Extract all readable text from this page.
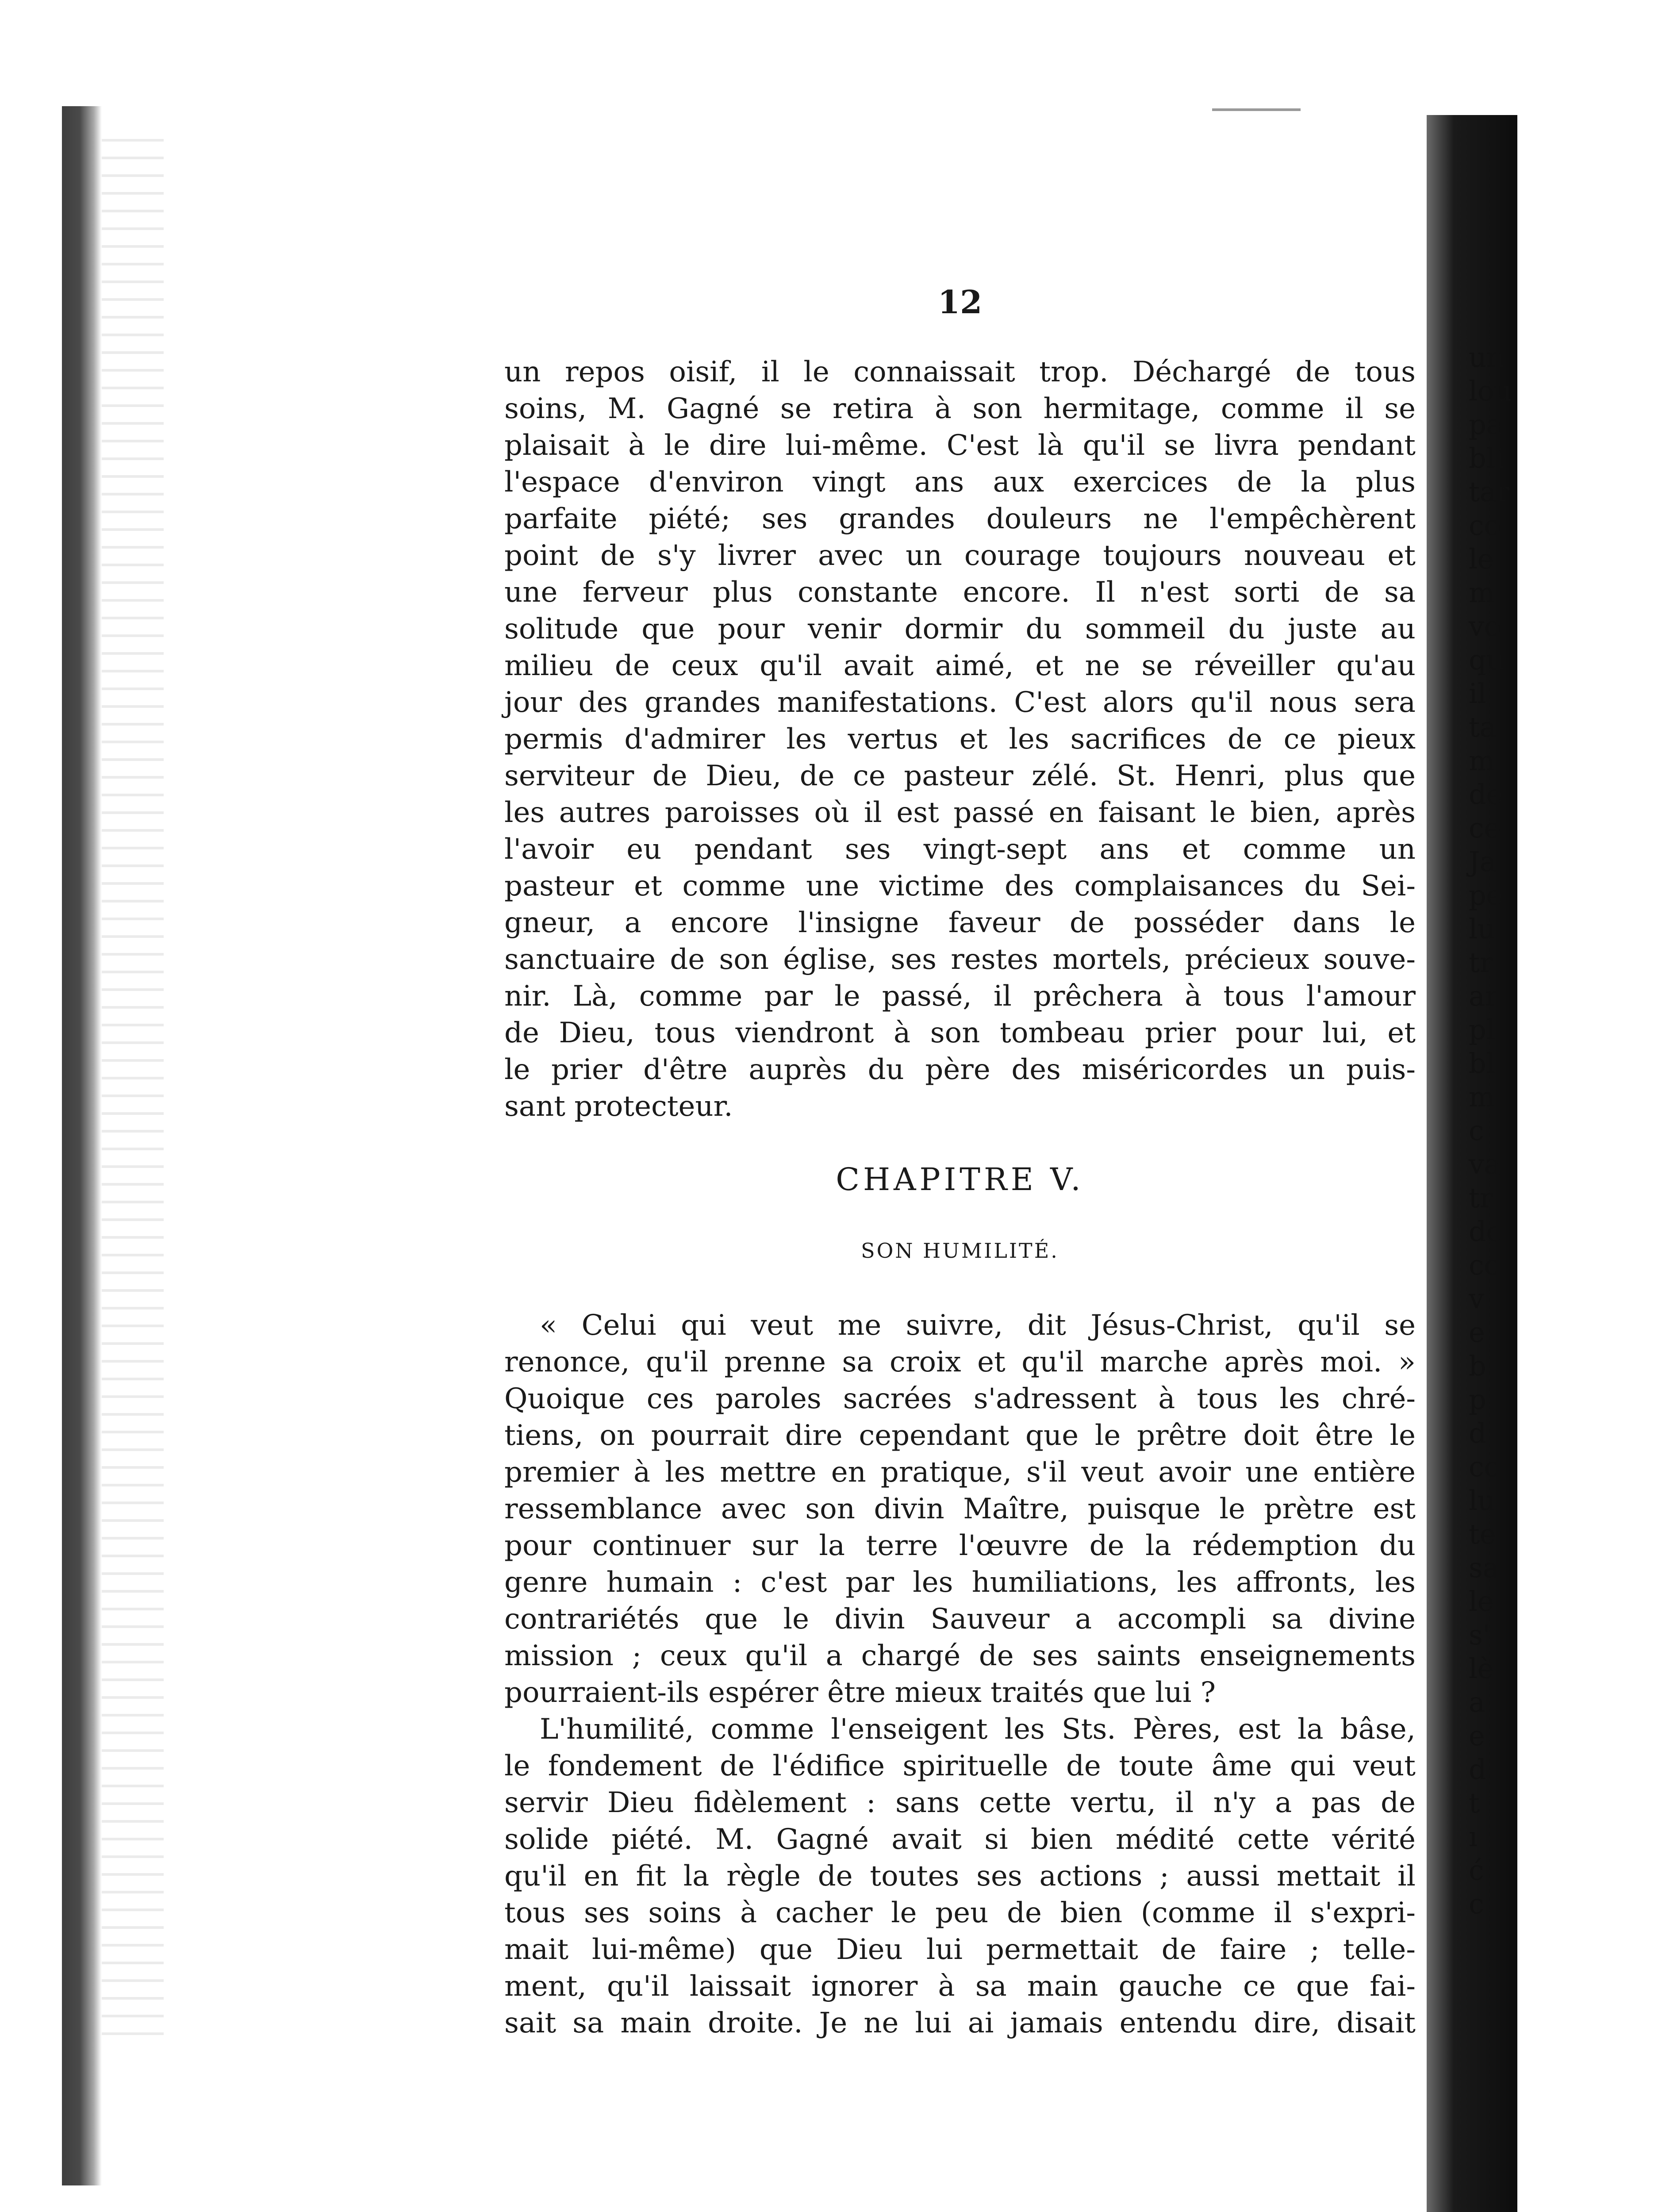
12
un repos oisif, il le connaissait trop. Déchargé de tous
soins, M. Gagné se retira à son hermitage, comme il se
plaisait à le dire lui-même. C'est là qu'il se livra pendant
l'espace d'environ vingt ans aux exercices de la plus
parfaite piété; ses grandes douleurs ne l'empêchèrent
point de s'y livrer avec un courage toujours nouveau et
une ferveur plus constante encore. Il n'est sorti de sa
solitude que pour venir dormir du sommeil du juste au
milieu de ceux qu'il avait aimé, et ne se réveiller qu'au
jour des grandes manifestations. C'est alors qu'il nous sera
permis d'admirer les vertus et les sacrifices de ce pieux
serviteur de Dieu, de ce pasteur zélé. St. Henri, plus que
les autres paroisses où il est passé en faisant le bien, après
l'avoir eu pendant ses vingt-sept ans et comme un
pasteur et comme une victime des complaisances du Sei-
gneur, a encore l'insigne faveur de posséder dans le
sanctuaire de son église, ses restes mortels, précieux souve-
nir. Là, comme par le passé, il prêchera à tous l'amour
de Dieu, tous viendront à son tombeau prier pour lui, et
le prier d'être auprès du père des miséricordes un puis-
sant protecteur.
CHAPITRE V.
SON HUMILITÉ.
« Celui qui veut me suivre, dit Jésus-Christ, qu'il se
renonce, qu'il prenne sa croix et qu'il marche après moi. »
Quoique ces paroles sacrées s'adressent à tous les chré-
tiens, on pourrait dire cependant que le prêtre doit être le
premier à les mettre en pratique, s'il veut avoir une entière
ressemblance avec son divin Maître, puisque le prètre est
pour continuer sur la terre l'œuvre de la rédemption du
genre humain : c'est par les humiliations, les affronts, les
contrariétés que le divin Sauveur a accompli sa divine
mission ; ceux qu'il a chargé de ses saints enseignements
pourraient-ils espérer être mieux traités que lui ?
L'humilité, comme l'enseigent les Sts. Pères, est la bâse,
le fondement de l'édifice spirituelle de toute âme qui veut
servir Dieu fidèlement : sans cette vertu, il n'y a pas de
solide piété. M. Gagné avait si bien médité cette vérité
qu'il en fit la règle de toutes ses actions ; aussi mettait il
tous ses soins à cacher le peu de bien (comme il s'expri-
mait lui-même) que Dieu lui permettait de faire ; telle-
ment, qu'il laissait ignorer à sa main gauche ce que fai-
sait sa main droite. Je ne lui ai jamais entendu dire, disait
un
lou
pa
bli
tar
co
le
m
vo
qu
il
ta
m
de
ce
Ja
pe
lu
tr
ar
pl
bl
m
c
va
tr
dc
cc
v
e
b
p
d
cc
lu
te
sa
le
s'
lè
a
e
d
t
ı
ć
c
